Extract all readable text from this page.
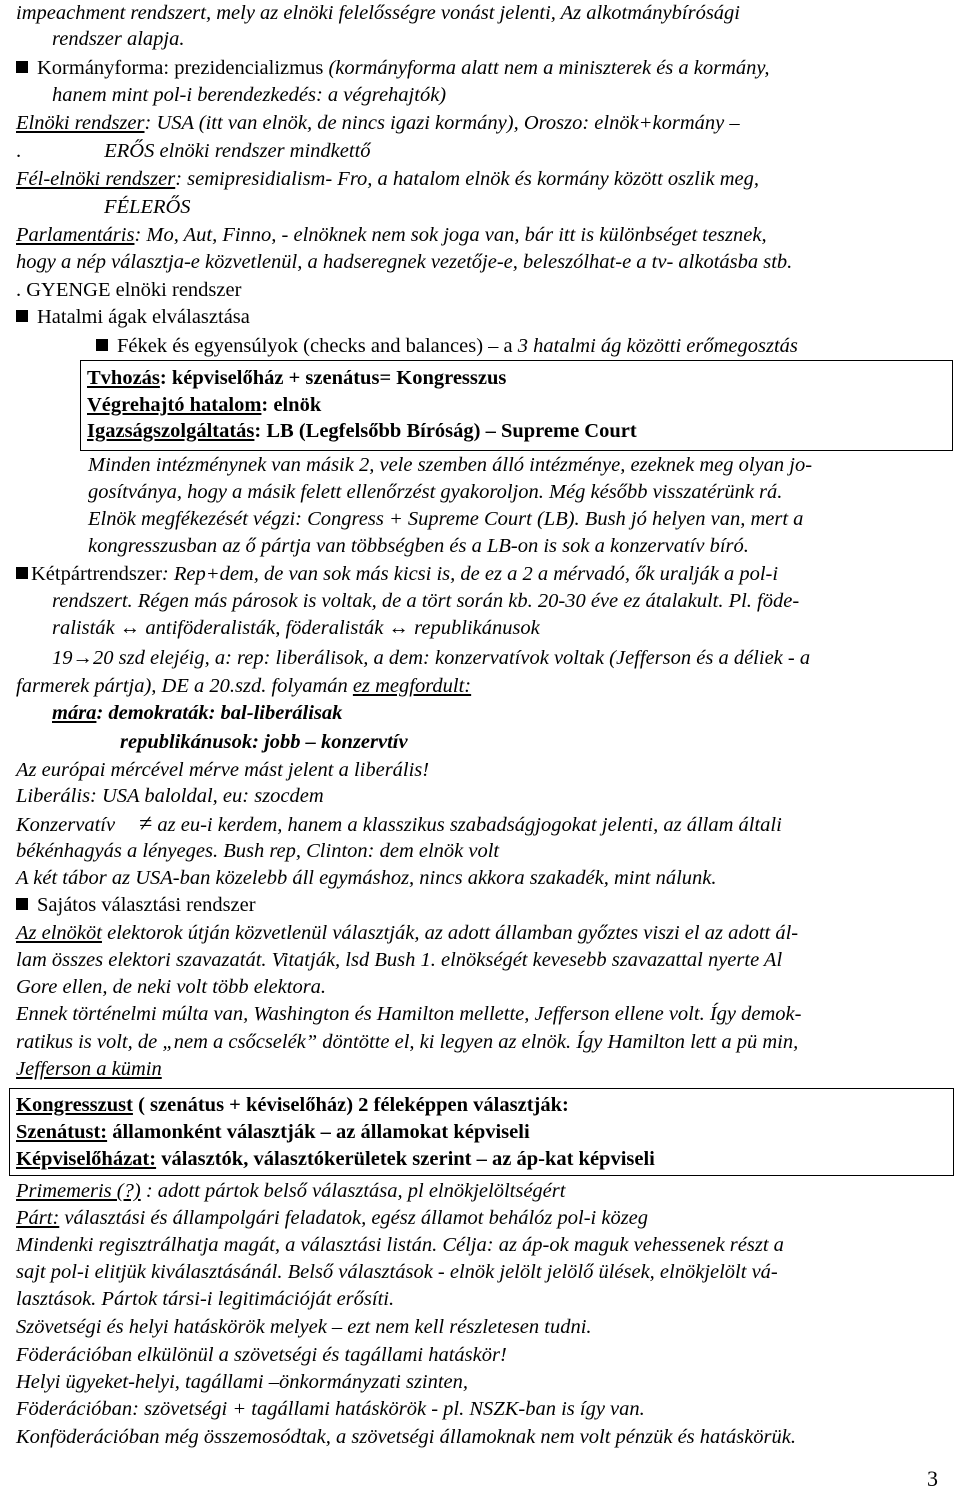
impeachment rendszert, mely az elnöki felelősségre vonást jelenti, Az alkotmánybírósági
rendszer alapja.
Kormányforma: prezidencializmus (kormányforma alatt nem a miniszterek és a kormány,
hanem mint pol-i berendezkedés: a végrehajtók)
Elnöki rendszer: USA (itt van elnök, de nincs igazi kormány), Oroszo: elnök+kormány –
.	ERŐS elnöki rendszer mindkettő
Fél-elnöki rendszer: semipresidialism- Fro, a hatalom elnök és kormány között oszlik meg,
FÉLERŐS
Parlamentáris: Mo, Aut, Finno, - elnöknek nem sok joga van, bár itt is különbséget tesznek,
hogy a nép választja-e közvetlenül, a hadseregnek vezetője-e, beleszólhat-e a tv- alkotásba stb.
. GYENGE elnöki rendszer
Hatalmi ágak elválasztása
Fékek és egyensúlyok (checks and balances) – a 3 hatalmi ág közötti erőmegosztás
Tvhozás: képviselőház + szenátus= Kongresszus
Végrehajtó hatalom: elnök
Igazságszolgáltatás: LB (Legfelsőbb Bíróság) – Supreme Court
Minden intézménynek van másik 2, vele szemben álló intézménye, ezeknek meg olyan jo-
gosítványa, hogy a másik felett ellenőrzést gyakoroljon. Még később visszatérünk rá.
Elnök megfékezését végzi: Congress + Supreme Court (LB). Bush jó helyen van, mert a
kongresszusban az ő pártja van többségben és a LB-on is sok a konzervatív bíró.
Kétpártrendszer: Rep+dem, de van sok más kicsi is, de ez a 2 a mérvadó, ők uralják a pol-i
rendszert. Régen más párosok is voltak, de a tört során kb. 20-30 éve ez átalakult. Pl. föde-
ralisták ↔ antiföderalisták, föderalisták ↔ republikánusok
19→20 szd elejéig, a: rep: liberálisok, a dem: konzervatívok voltak (Jefferson és a déliek - a
farmerek pártja), DE a 20.szd. folyamán ez megfordult:
mára: demokraták: bal-liberálisak
republikánusok: jobb – konzervtív
Az európai mércével mérve mást jelent a liberális!
Liberális: USA baloldal, eu: szocdem
Konzervatív ≠ az eu-i kerdem, hanem a klasszikus szabadságjogokat jelenti, az állam általi
békénhagyás a lényeges. Bush rep, Clinton: dem elnök volt
A két tábor az USA-ban közelebb áll egymáshoz, nincs akkora szakadék, mint nálunk.
Sajátos választási rendszer
Az elnököt elektorok útján közvetlenül választják, az adott államban győztes viszi el az adott ál-
lam összes elektori szavazatát. Vitatják, lsd Bush 1. elnökségét kevesebb szavazattal nyerte Al
Gore ellen, de neki volt több elektora.
Ennek történelmi múlta van, Washington és Hamilton mellette, Jefferson ellene volt. Így demok-
ratikus is volt, de „nem a csőcselék” döntötte el, ki legyen az elnök. Így Hamilton lett a pü min,
Jefferson a kümin
Kongresszust ( szenátus + kéviselőház) 2 féleképpen választják:
Szenátust: államonként választják – az államokat képviseli
Képviselőházat: választók, választókerületek szerint – az áp-kat képviseli
Primemeris (?) : adott pártok belső választása, pl elnökjelöltségért
Párt: választási és állampolgári feladatok, egész államot behálóz pol-i közeg
Mindenki regisztrálhatja magát, a választási listán. Célja: az áp-ok maguk vehessenek részt a
sajt pol-i elitjük kiválasztásánál. Belső választások - elnök jelölt jelölő ülések, elnökjelölt vá-
lasztások. Pártok társi-i legitimációját erősíti.
Szövetségi és helyi hatáskörök melyek – ezt nem kell részletesen tudni.
Föderációban elkülönül a szövetségi és tagállami hatáskör!
Helyi ügyeket-helyi, tagállami –önkormányzati szinten,
Föderációban: szövetségi + tagállami hatáskörök - pl. NSZK-ban is így van.
Konföderációban még összemosódtak, a szövetségi államoknak nem volt pénzük és hatáskörük.
3
